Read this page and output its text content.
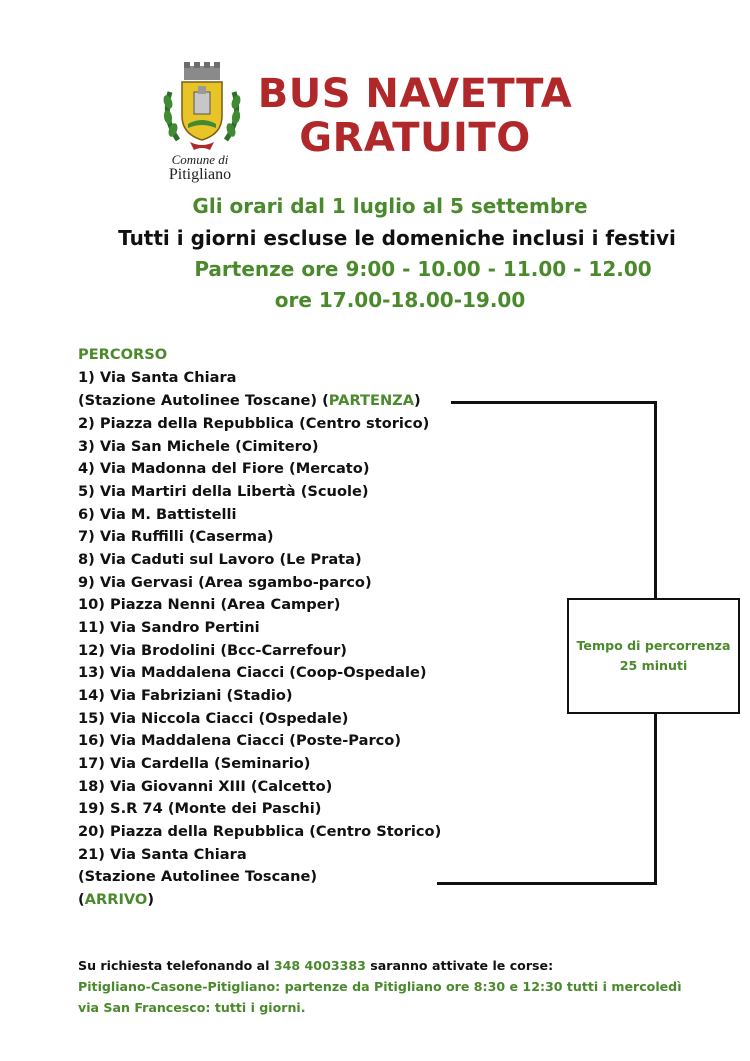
Comune di
Pitigliano
BUS NAVETTA
GRATUITO
Gli orari dal 1 luglio al 5 settembre
Tutti i giorni escluse le domeniche inclusi i festivi
Partenze ore 9:00 - 10.00 - 11.00 - 12.00
ore 17.00-18.00-19.00
PERCORSO
1) Via Santa Chiara
(Stazione Autolinee Toscane) (PARTENZA)
2) Piazza della Repubblica (Centro storico)
3) Via San Michele (Cimitero)
4) Via Madonna del Fiore (Mercato)
5) Via Martiri della Libertà (Scuole)
6) Via M. Battistelli
7) Via Ruffilli (Caserma)
8) Via Caduti sul Lavoro (Le Prata)
9) Via Gervasi (Area sgambo-parco)
10) Piazza Nenni (Area Camper)
11) Via Sandro Pertini
12) Via Brodolini (Bcc-Carrefour)
13) Via Maddalena Ciacci (Coop-Ospedale)
14) Via Fabriziani (Stadio)
15) Via Niccola Ciacci (Ospedale)
16) Via Maddalena Ciacci (Poste-Parco)
17) Via Cardella (Seminario)
18) Via Giovanni XIII (Calcetto)
19) S.R 74 (Monte dei Paschi)
20) Piazza della Repubblica (Centro Storico)
21) Via Santa Chiara
(Stazione Autolinee Toscane)
(ARRIVO)
Tempo di percorrenza
25 minuti
Su richiesta telefonando al 348 4003383 saranno attivate le corse:
Pitigliano-Casone-Pitigliano: partenze da Pitigliano ore 8:30 e 12:30 tutti i mercoledì
via San Francesco: tutti i giorni.
